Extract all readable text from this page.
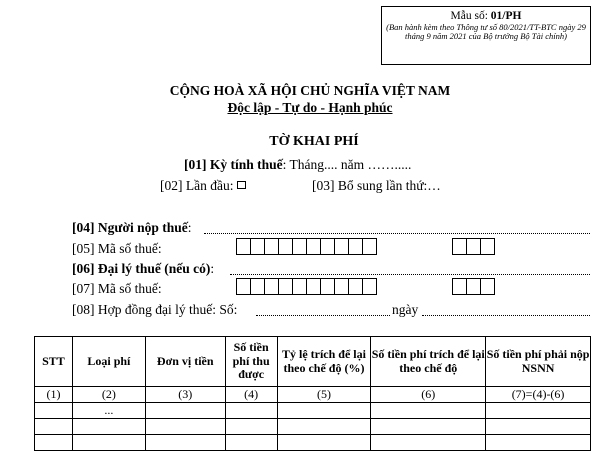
Mẫu số: 01/PH
(Ban hành kèm theo Thông tư số 80/2021/TT-BTC ngày 29 tháng 9 năm 2021 của Bộ trưởng Bộ Tài chính)
CỘNG HOÀ XÃ HỘI CHỦ NGHĨA VIỆT NAM
Độc lập - Tự do - Hạnh phúc
TỜ KHAI PHÍ
[01] Kỳ tính thuế: Tháng.... năm …….....
[02] Lần đầu:	[03] Bổ sung lần thứ:…
[04] Người nộp thuế:
[05] Mã số thuế:
[06] Đại lý thuế (nếu có):
[07] Mã số thuế:
[08] Hợp đồng đại lý thuế: Số:	ngày
STT	Loại phí	Đơn vị tiền	Số tiền phí thu được	Tỷ lệ trích để lại theo chế độ (%)	Số tiền phí trích để lại theo chế độ	Số tiền phí phải nộp NSNN
(1)	(2)	(3)	(4)	(5)	(6)	(7)=(4)-(6)
	...					
